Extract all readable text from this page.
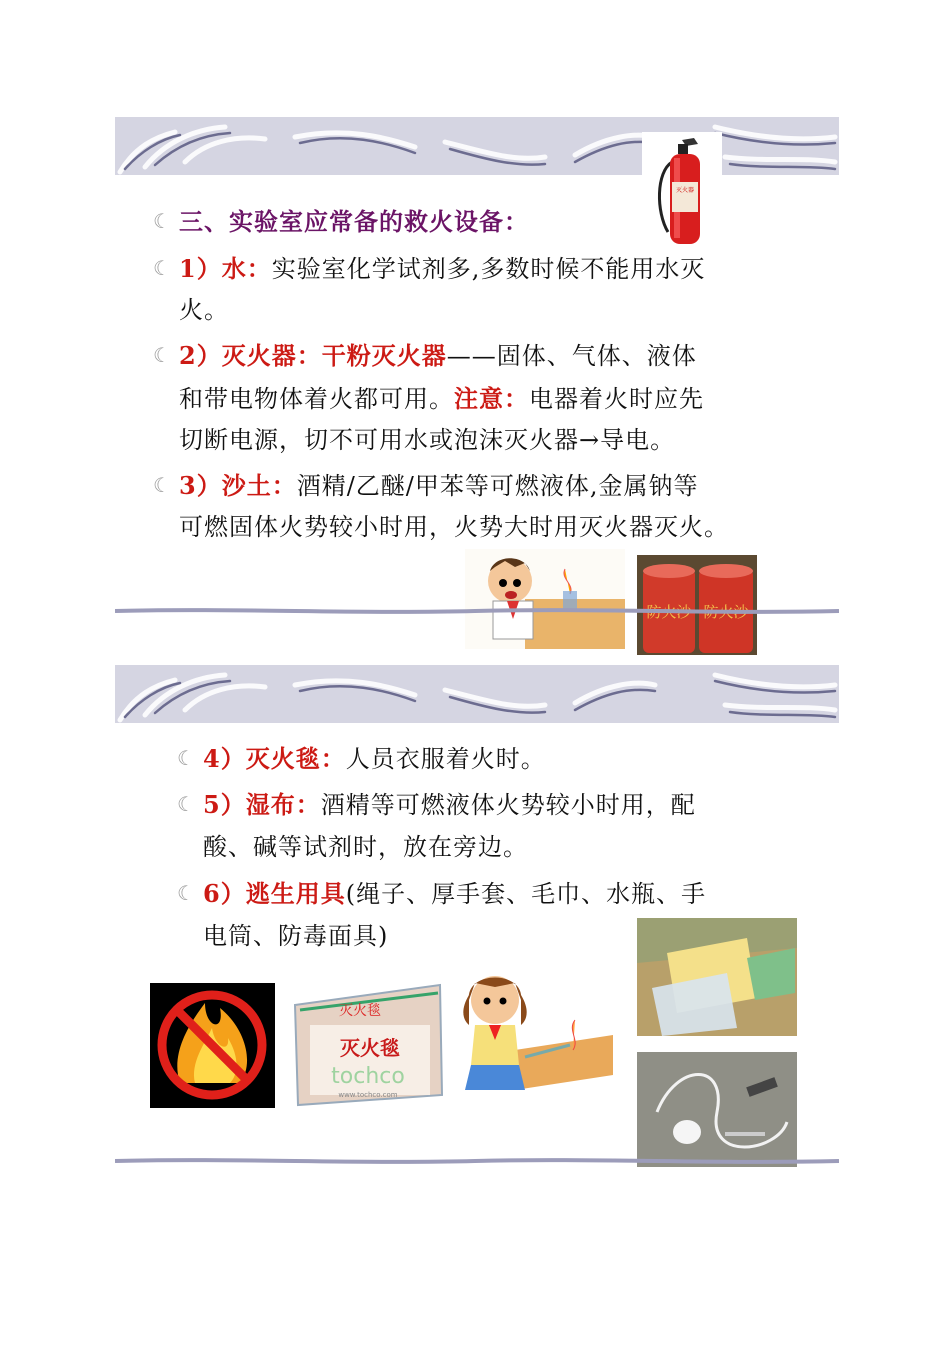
灭火器
☾ 三、实验室应常备的救火设备：
☾ 1）水：实验室化学试剂多,多数时候不能用水灭
火。
☾ 2）灭火器：干粉灭火器——固体、气体、液体
和带电物体着火都可用。注意：电器着火时应先
切断电源，切不可用水或泡沫灭火器→导电。
☾ 3）沙土：酒精/乙醚/甲苯等可燃液体,金属钠等
可燃固体火势较小时用，火势大时用灭火器灭火。
防火沙 防火沙
☾ 4）灭火毯：人员衣服着火时。
☾ 5）湿布：酒精等可燃液体火势较小时用，配
酸、碱等试剂时，放在旁边。
☾ 6）逃生用具(绳子、厚手套、毛巾、水瓶、手
电筒、防毒面具)
灭火毯
灭火毯
tochco
www.tochco.com
